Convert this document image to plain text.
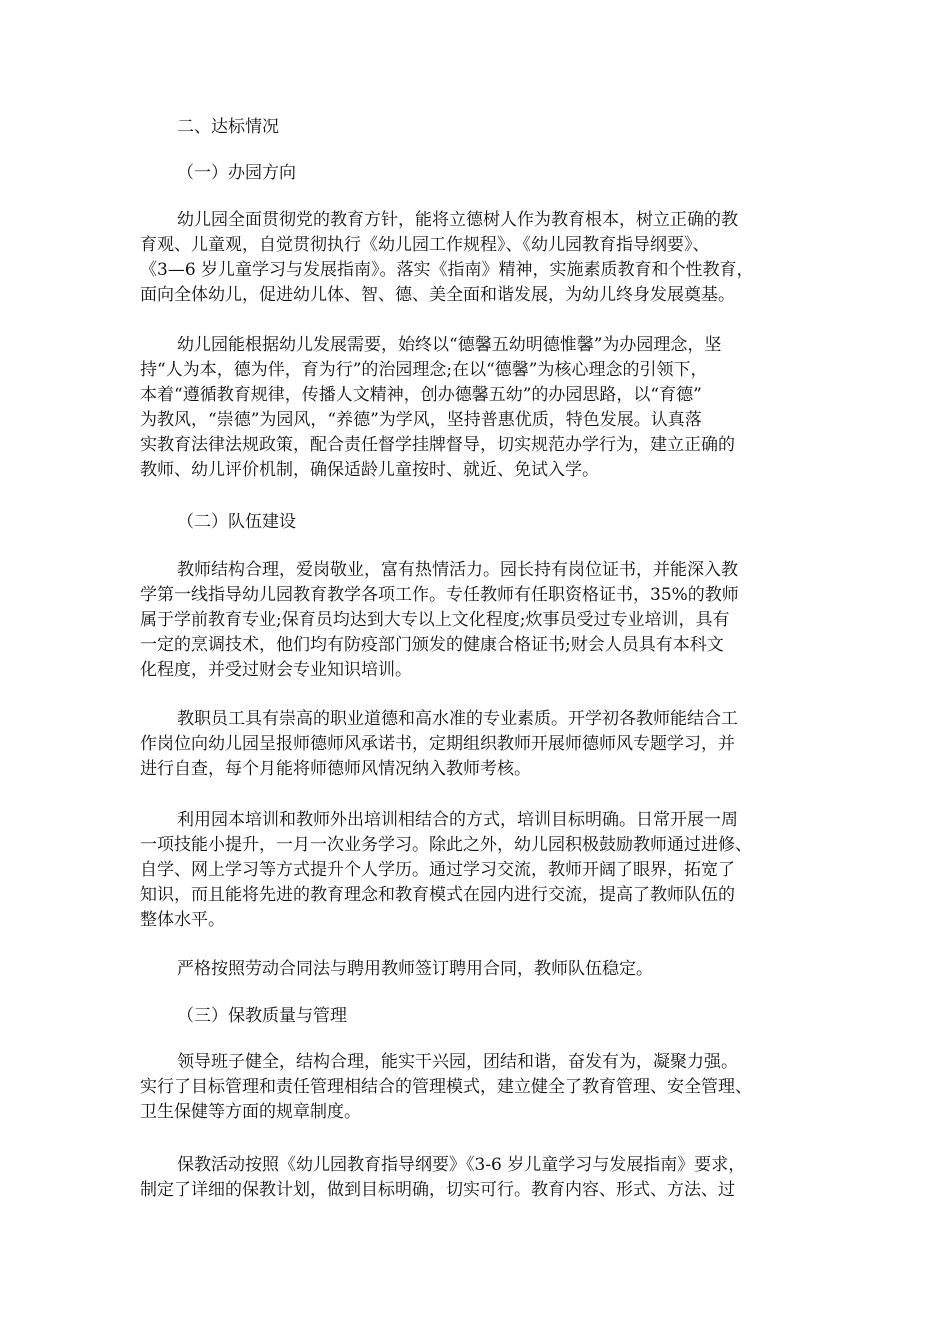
二、达标情况
（一）办园方向
幼儿园全面贯彻党的教育方针，能将立德树人作为教育根本，树立正确的教
育观、儿童观，自觉贯彻执行《幼儿园工作规程》、《幼儿园教育指导纲要》、
《3—6 岁儿童学习与发展指南》。落实《指南》精神，实施素质教育和个性教育，
面向全体幼儿，促进幼儿体、智、德、美全面和谐发展，为幼儿终身发展奠基。
幼儿园能根据幼儿发展需要，始终以“德馨五幼明德惟馨”为办园理念，坚
持“人为本，德为伴，育为行”的治园理念;在以“德馨”为核心理念的引领下，
本着“遵循教育规律，传播人文精神，创办德馨五幼”的办园思路，以“育德”
为教风，“崇德”为园风，“养德”为学风，坚持普惠优质，特色发展。认真落
实教育法律法规政策，配合责任督学挂牌督导，切实规范办学行为，建立正确的
教师、幼儿评价机制，确保适龄儿童按时、就近、免试入学。
（二）队伍建设
教师结构合理，爱岗敬业，富有热情活力。园长持有岗位证书，并能深入教
学第一线指导幼儿园教育教学各项工作。专任教师有任职资格证书，35%的教师
属于学前教育专业;保育员均达到大专以上文化程度;炊事员受过专业培训，具有
一定的烹调技术，他们均有防疫部门颁发的健康合格证书;财会人员具有本科文
化程度，并受过财会专业知识培训。
教职员工具有崇高的职业道德和高水准的专业素质。开学初各教师能结合工
作岗位向幼儿园呈报师德师风承诺书，定期组织教师开展师德师风专题学习，并
进行自查，每个月能将师德师风情况纳入教师考核。
利用园本培训和教师外出培训相结合的方式，培训目标明确。日常开展一周
一项技能小提升，一月一次业务学习。除此之外，幼儿园积极鼓励教师通过进修、
自学、网上学习等方式提升个人学历。通过学习交流，教师开阔了眼界，拓宽了
知识，而且能将先进的教育理念和教育模式在园内进行交流，提高了教师队伍的
整体水平。
严格按照劳动合同法与聘用教师签订聘用合同，教师队伍稳定。
（三）保教质量与管理
领导班子健全，结构合理，能实干兴园，团结和谐，奋发有为，凝聚力强。
实行了目标管理和责任管理相结合的管理模式，建立健全了教育管理、安全管理、
卫生保健等方面的规章制度。
保教活动按照《幼儿园教育指导纲要》《3-6 岁儿童学习与发展指南》要求，
制定了详细的保教计划，做到目标明确，切实可行。教育内容、形式、方法、过
